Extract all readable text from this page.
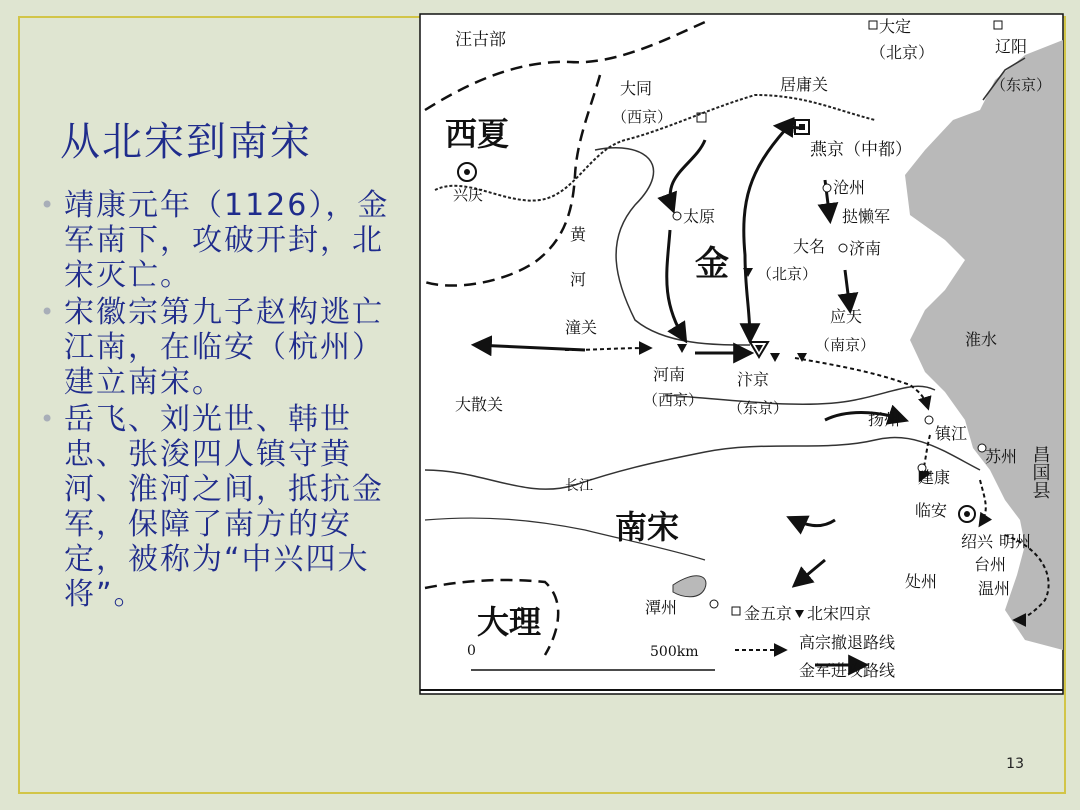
从北宋到南宋
• 靖康元年（1126），金军南下，攻破开封，北宋灭亡。
• 宋徽宗第九子赵构逃亡江南，在临安（杭州）建立南宋。
• 岳飞、刘光世、韩世忠、张浚四人镇守黄河、淮河之间，抵抗金军，保障了南方的安定，被称为“中兴四大将”。
汪古部
大定
（北京）	辽阳
（东京）
大同
（西京）
居庸关
燕京（中都）
西夏
兴庆	沧州
太原	挞懒军
黄
河	金	大名 济南
（北京）
应天
（南京）	淮水
潼关
河南
（西京）
汴京
（东京）
大散关
扬州
镇江
苏州 昌国县
长江	建康
临安
南宋	绍兴 明州
台州
处州	温州
大理	潭州	金五京 北宋四京
高宗撤退路线
金军进攻路线
0	500km
13
